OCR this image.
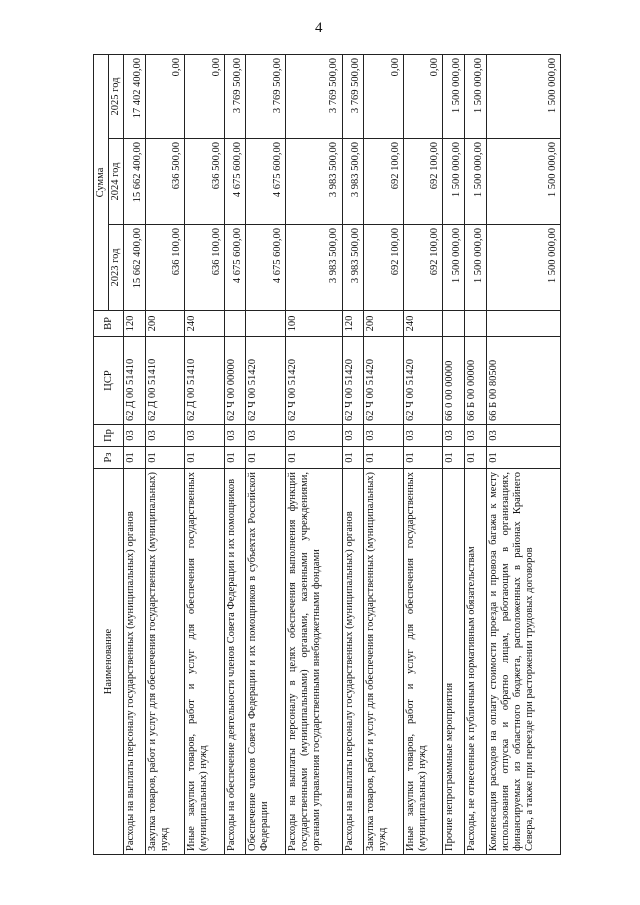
4
Наименование	Рз	Пр	ЦСР	ВР	Сумма		
					2023 год	2024 год	2025 год
Расходы на выплаты персоналу государственных (муниципальных) органов	01	03	62 Д 00 51410	120	15 662 400,00	15 662 400,00	17 402 400,00
Закупка товаров, работ и услуг для обеспечения государственных (муниципальных) нужд	01	03	62 Д 00 51410	200	636 100,00	636 500,00	0,00
Иные закупки товаров, работ и услуг для обеспечения государственных (муниципальных) нужд	01	03	62 Д 00 51410	240	636 100,00	636 500,00	0,00
Расходы на обеспечение деятельности членов Совета Федерации и их помощников	01	03	62 Ч 00 00000		4 675 600,00	4 675 600,00	3 769 500,00
Обеспечение членов Совета Федерации и их помощников в субъектах Российской Федерации	01	03	62 Ч 00 51420		4 675 600,00	4 675 600,00	3 769 500,00
Расходы на выплаты персоналу в целях обеспечения выполнения функций государственными (муниципальными) органами, казенными учреждениями, органами управления государственными внебюджетными фондами	01	03	62 Ч 00 51420	100	3 983 500,00	3 983 500,00	3 769 500,00
Расходы на выплаты персоналу государственных (муниципальных) органов	01	03	62 Ч 00 51420	120	3 983 500,00	3 983 500,00	3 769 500,00
Закупка товаров, работ и услуг для обеспечения государственных (муниципальных) нужд	01	03	62 Ч 00 51420	200	692 100,00	692 100,00	0,00
Иные закупки товаров, работ и услуг для обеспечения государственных (муниципальных) нужд	01	03	62 Ч 00 51420	240	692 100,00	692 100,00	0,00
Прочие непрограммные мероприятия	01	03	66 0 00 00000		1 500 000,00	1 500 000,00	1 500 000,00
Расходы, не отнесенные к публичным нормативным обязательствам	01	03	66 Б 00 00000		1 500 000,00	1 500 000,00	1 500 000,00
Компенсация расходов на оплату стоимости проезда и провоза багажа к месту использования отпуска и обратно лицам, работающим в организациях, финансируемых из областного бюджета, расположенных в районах Крайнего Севера, а также при переезде при расторжении трудовых договоров	01	03	66 Б 00 80500		1 500 000,00	1 500 000,00	1 500 000,00
